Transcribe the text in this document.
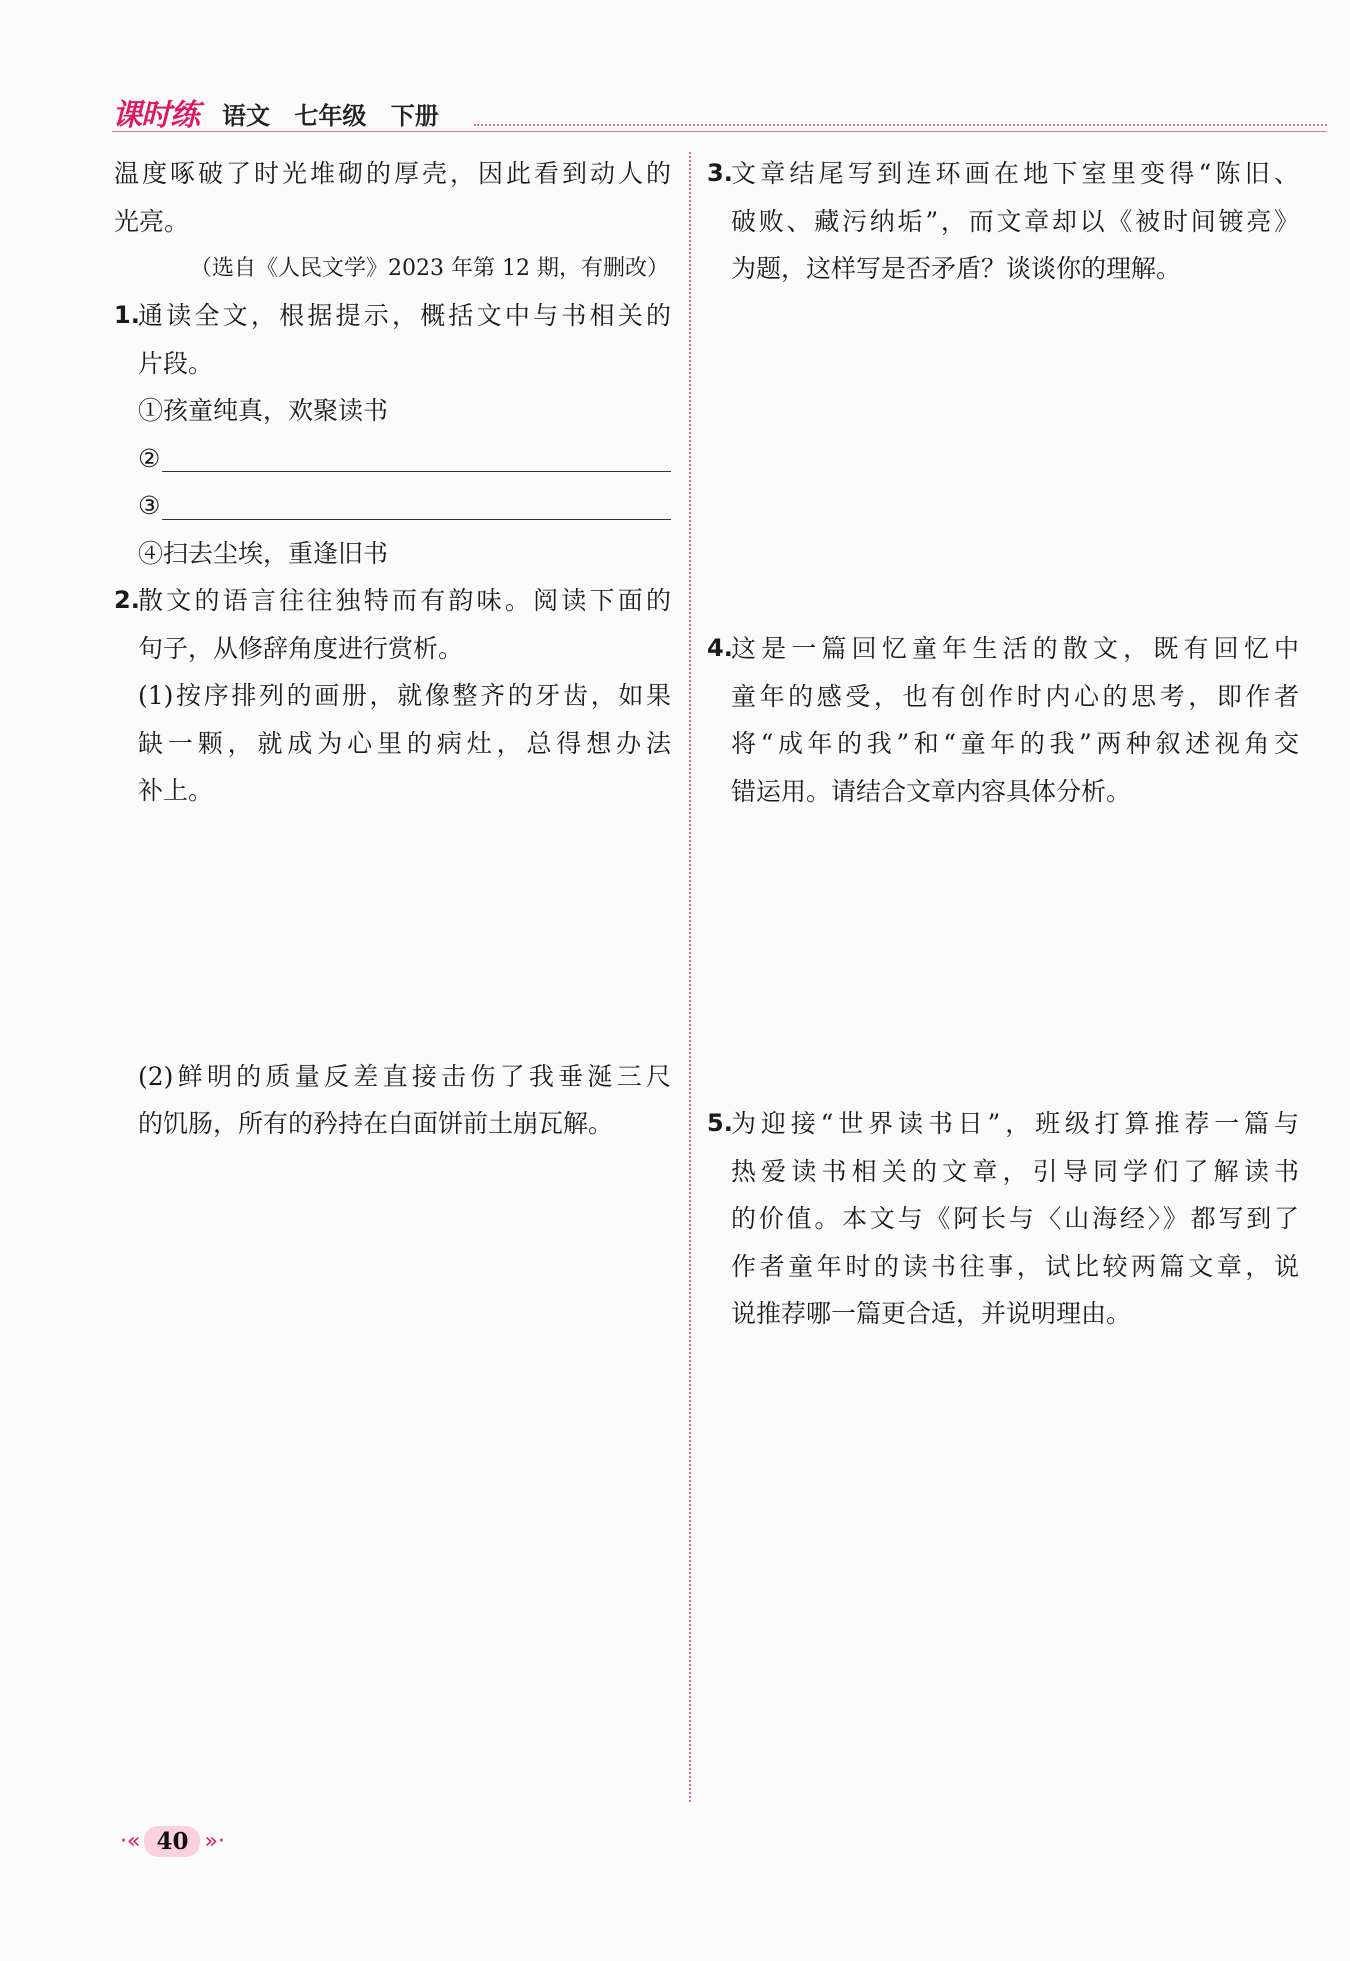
课时练 语文 七年级 下册

温度啄破了时光堆砌的厚壳，因此看到动人的

光亮。

（选自《人民文学》2023 年第 12 期，有删改）

1.

通读全文，根据提示，概括文中与书相关的

片段。

①孩童纯真，欢聚读书

②
③

④扫去尘埃，重逢旧书

2.

散文的语言往往独特而有韵味。阅读下面的

句子，从修辞角度进行赏析。

(1)按序排列的画册，就像整齐的牙齿，如果

缺一颗，就成为心里的病灶，总得想办法

补上。

(2)鲜明的质量反差直接击伤了我垂涎三尺

的饥肠，所有的矜持在白面饼前土崩瓦解。

3.

文章结尾写到连环画在地下室里变得“陈旧、

破败、藏污纳垢”，而文章却以《被时间镀亮》

为题，这样写是否矛盾？谈谈你的理解。

4.

这是一篇回忆童年生活的散文，既有回忆中

童年的感受，也有创作时内心的思考，即作者

将“成年的我”和“童年的我”两种叙述视角交

错运用。请结合文章内容具体分析。

5.

为迎接“世界读书日”，班级打算推荐一篇与

热爱读书相关的文章，引导同学们了解读书

的价值。本文与《阿长与〈山海经〉》都写到了

作者童年时的读书往事，试比较两篇文章，说

说推荐哪一篇更合适，并说明理由。

·« 40 »·
